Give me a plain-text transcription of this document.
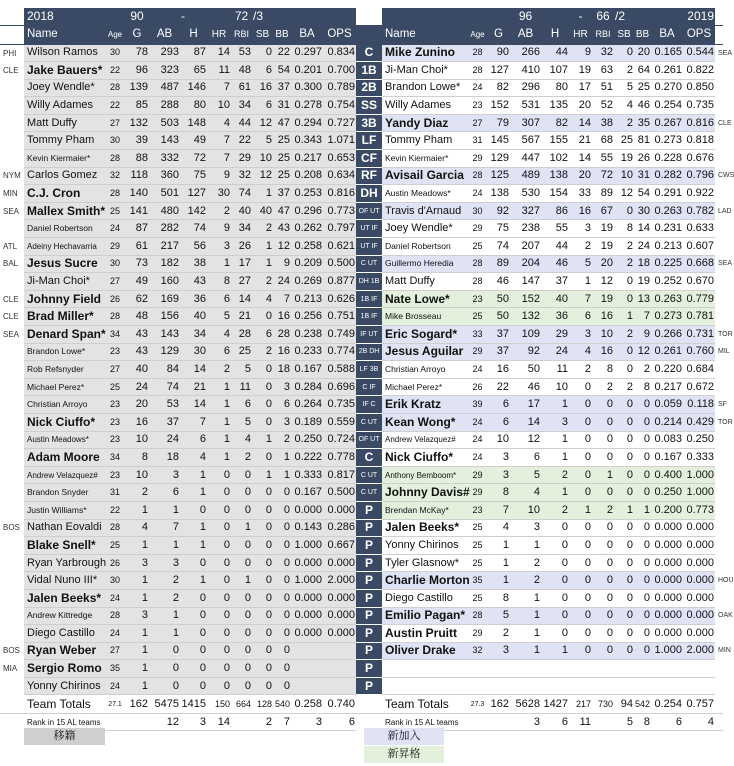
	2018		90		-		72	/3								96		-	66	/2			2019	
	Name	Age	G	AB	H	HR	RBI	SB	BB	BA	OPS		Name	Age	G	AB	H	HR	RBI	SB	BB	BA	OPS	
PHI	Wilson Ramos	30	78	293	87	14	53	0	22	0.297	0.834	C	Mike Zunino	28	90	266	44	9	32	0	20	0.165	0.544	SEA
CLE	Jake Bauers*	22	96	323	65	11	48	6	54	0.201	0.700	1B	Ji-Man Choi*	28	127	410	107	19	63	2	64	0.261	0.822	
	Joey Wendle*	28	139	487	146	7	61	16	37	0.300	0.789	2B	Brandon Lowe*	24	82	296	80	17	51	5	25	0.270	0.850	
	Willy Adames	22	85	288	80	10	34	6	31	0.278	0.754	SS	Willy Adames	23	152	531	135	20	52	4	46	0.254	0.735	
	Matt Duffy	27	132	503	148	4	44	12	47	0.294	0.727	3B	Yandy Diaz	27	79	307	82	14	38	2	35	0.267	0.816	CLE
	Tommy Pham	30	39	143	49	7	22	5	25	0.343	1.071	LF	Tommy Pham	31	145	567	155	21	68	25	81	0.273	0.818	
	Kevin Kiermaier*	28	88	332	72	7	29	10	25	0.217	0.653	CF	Kevin Kiermaier*	29	129	447	102	14	55	19	26	0.228	0.676	
NYM	Carlos Gomez	32	118	360	75	9	32	12	25	0.208	0.634	RF	Avisail Garcia	28	125	489	138	20	72	10	31	0.282	0.796	CWS
MIN	C.J. Cron	28	140	501	127	30	74	1	37	0.253	0.816	DH	Austin Meadows*	24	138	530	154	33	89	12	54	0.291	0.922	
SEA	Mallex Smith*	25	141	480	142	2	40	40	47	0.296	0.773	OF UT	Travis d'Arnaud	30	92	327	86	16	67	0	30	0.263	0.782	LAD
	Daniel Robertson	24	87	282	74	9	34	2	43	0.262	0.797	UT IF	Joey Wendle*	29	75	238	55	3	19	8	14	0.231	0.633	
ATL	Adeiny Hechavarria	29	61	217	56	3	26	1	12	0.258	0.621	UT IF	Daniel Robertson	25	74	207	44	2	19	2	24	0.213	0.607	
BAL	Jesus Sucre	30	73	182	38	1	17	1	9	0.209	0.500	C UT	Guillermo Heredia	28	89	204	46	5	20	2	18	0.225	0.668	SEA
	Ji-Man Choi*	27	49	160	43	8	27	2	24	0.269	0.877	DH 1B	Matt Duffy	28	46	147	37	1	12	0	19	0.252	0.670	
CLE	Johnny Field	26	62	169	36	6	14	4	7	0.213	0.626	1B IF	Nate Lowe*	23	50	152	40	7	19	0	13	0.263	0.779	
CLE	Brad Miller*	28	48	156	40	5	21	0	16	0.256	0.751	1B IF	Mike Brosseau	25	50	132	36	6	16	1	7	0.273	0.781	
SEA	Denard Span*	34	43	143	34	4	28	6	28	0.238	0.749	IF UT	Eric Sogard*	33	37	109	29	3	10	2	9	0.266	0.731	TOR
	Brandon Lowe*	23	43	129	30	6	25	2	16	0.233	0.774	2B DH	Jesus Aguilar	29	37	92	24	4	16	0	12	0.261	0.760	MIL
	Rob Refsnyder	27	40	84	14	2	5	0	18	0.167	0.588	LF 3B	Christian Arroyo	24	16	50	11	2	8	0	2	0.220	0.684	
	Michael Perez*	25	24	74	21	1	11	0	3	0.284	0.696	C IF	Michael Perez*	26	22	46	10	0	2	2	8	0.217	0.672	
	Christian Arroyo	23	20	53	14	1	6	0	6	0.264	0.735	IF C	Erik Kratz	39	6	17	1	0	0	0	0	0.059	0.118	SF
	Nick Ciuffo*	23	16	37	7	1	5	0	3	0.189	0.559	C UT	Kean Wong*	24	6	14	3	0	0	0	0	0.214	0.429	TOR
	Austin Meadows*	23	10	24	6	1	4	1	2	0.250	0.724	OF UT	Andrew Velazquez#	24	10	12	1	0	0	0	0	0.083	0.250	
	Adam Moore	34	8	18	4	1	2	0	1	0.222	0.778	C	Nick Ciuffo*	24	3	6	1	0	0	0	0	0.167	0.333	
	Andrew Velazquez#	23	10	3	1	0	0	1	1	0.333	0.817	C UT	Anthony Bemboom*	29	3	5	2	0	1	0	0	0.400	1.000	
	Brandon Snyder	31	2	6	1	0	0	0	0	0.167	0.500	C UT	Johnny Davis#	29	8	4	1	0	0	0	0	0.250	1.000	
	Justin Williams*	22	1	1	0	0	0	0	0	0.000	0.000	P	Brendan McKay*	23	7	10	2	1	2	1	1	0.200	0.773	
BOS	Nathan Eovaldi	28	4	7	1	0	1	0	0	0.143	0.286	P	Jalen Beeks*	25	4	3	0	0	0	0	0	0.000	0.000	
	Blake Snell*	25	1	1	1	0	0	0	0	1.000	0.667	P	Yonny Chirinos	25	1	1	0	0	0	0	0	0.000	0.000	
	Ryan Yarbrough	26	3	3	0	0	0	0	0	0.000	0.000	P	Tyler Glasnow*	25	1	2	0	0	0	0	0	0.000	0.000	
	Vidal Nuno III*	30	1	2	1	0	1	0	0	1.000	2.000	P	Charlie Morton	35	1	2	0	0	0	0	0	0.000	0.000	HOU
	Jalen Beeks*	24	1	2	0	0	0	0	0	0.000	0.000	P	Diego Castillo	25	8	1	0	0	0	0	0	0.000	0.000	
	Andrew Kittredge	28	3	1	0	0	0	0	0	0.000	0.000	P	Emilio Pagan*	28	5	1	0	0	0	0	0	0.000	0.000	OAK
	Diego Castillo	24	1	1	0	0	0	0	0	0.000	0.000	P	Austin Pruitt	29	2	1	0	0	0	0	0	0.000	0.000	
BOS	Ryan Weber	27	1	0	0	0	0	0	0			P	Oliver Drake	32	3	1	1	0	0	0	0	1.000	2.000	MIN
MIA	Sergio Romo	35	1	0	0	0	0	0	0			P												
	Yonny Chirinos	24	1	0	0	0	0	0	0			P												
	Team Totals	27.1	162	5475	1415	150	664	128	540	0.258	0.740		Team Totals	27.3	162	5628	1427	217	730	94	542	0.254	0.757	
	Rank in 15 AL teams			12	3	14		2	7	3	6		Rank in 15 AL teams			3	6	11		5	8	6	4	
移籍	新加入
新昇格
